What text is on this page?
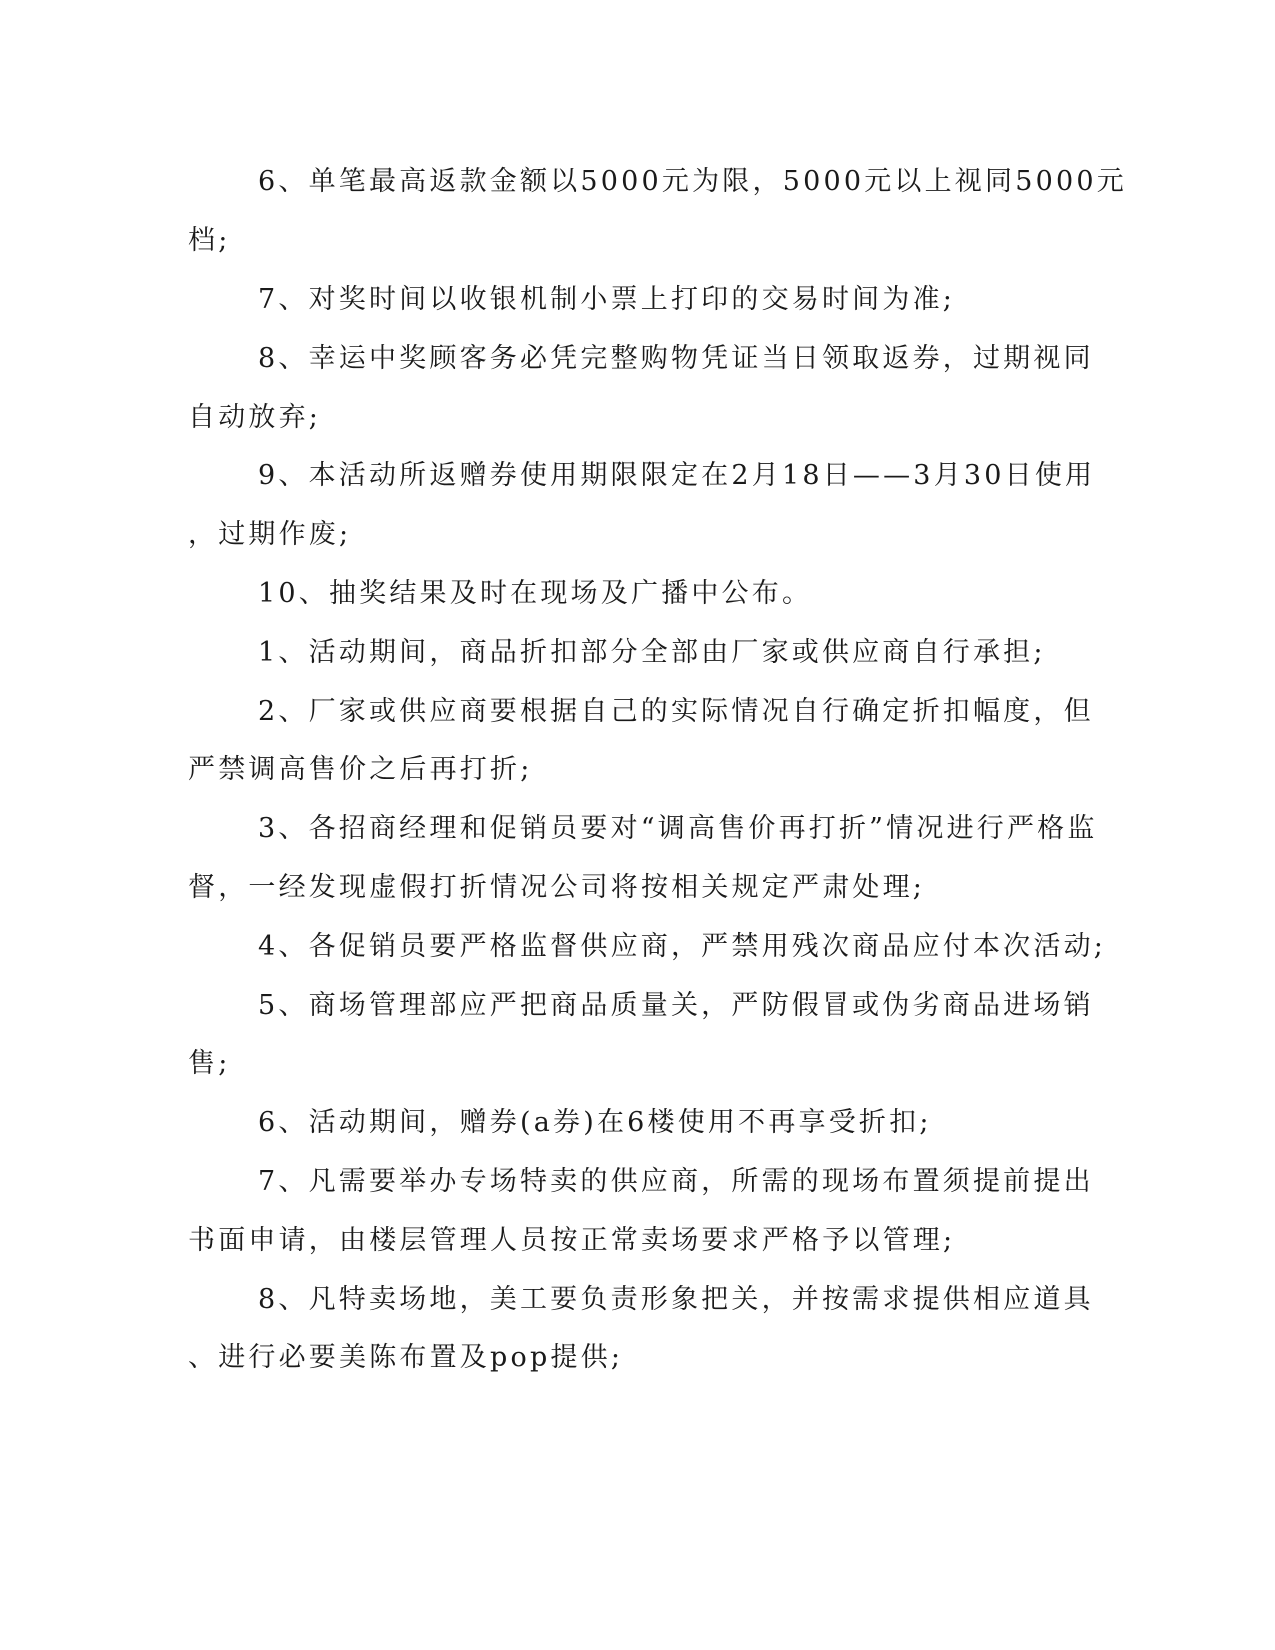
6、单笔最高返款金额以5000元为限，5000元以上视同5000元
档;
7、对奖时间以收银机制小票上打印的交易时间为准;
8、幸运中奖顾客务必凭完整购物凭证当日领取返券，过期视同
自动放弃;
9、本活动所返赠券使用期限限定在2月18日——3月30日使用
，过期作废;
10、抽奖结果及时在现场及广播中公布。
1、活动期间，商品折扣部分全部由厂家或供应商自行承担;
2、厂家或供应商要根据自己的实际情况自行确定折扣幅度，但
严禁调高售价之后再打折;
3、各招商经理和促销员要对“调高售价再打折”情况进行严格监
督，一经发现虚假打折情况公司将按相关规定严肃处理;
4、各促销员要严格监督供应商，严禁用残次商品应付本次活动;
5、商场管理部应严把商品质量关，严防假冒或伪劣商品进场销
售;
6、活动期间，赠券(a券)在6楼使用不再享受折扣;
7、凡需要举办专场特卖的供应商，所需的现场布置须提前提出
书面申请，由楼层管理人员按正常卖场要求严格予以管理;
8、凡特卖场地，美工要负责形象把关，并按需求提供相应道具
、进行必要美陈布置及pop提供;
